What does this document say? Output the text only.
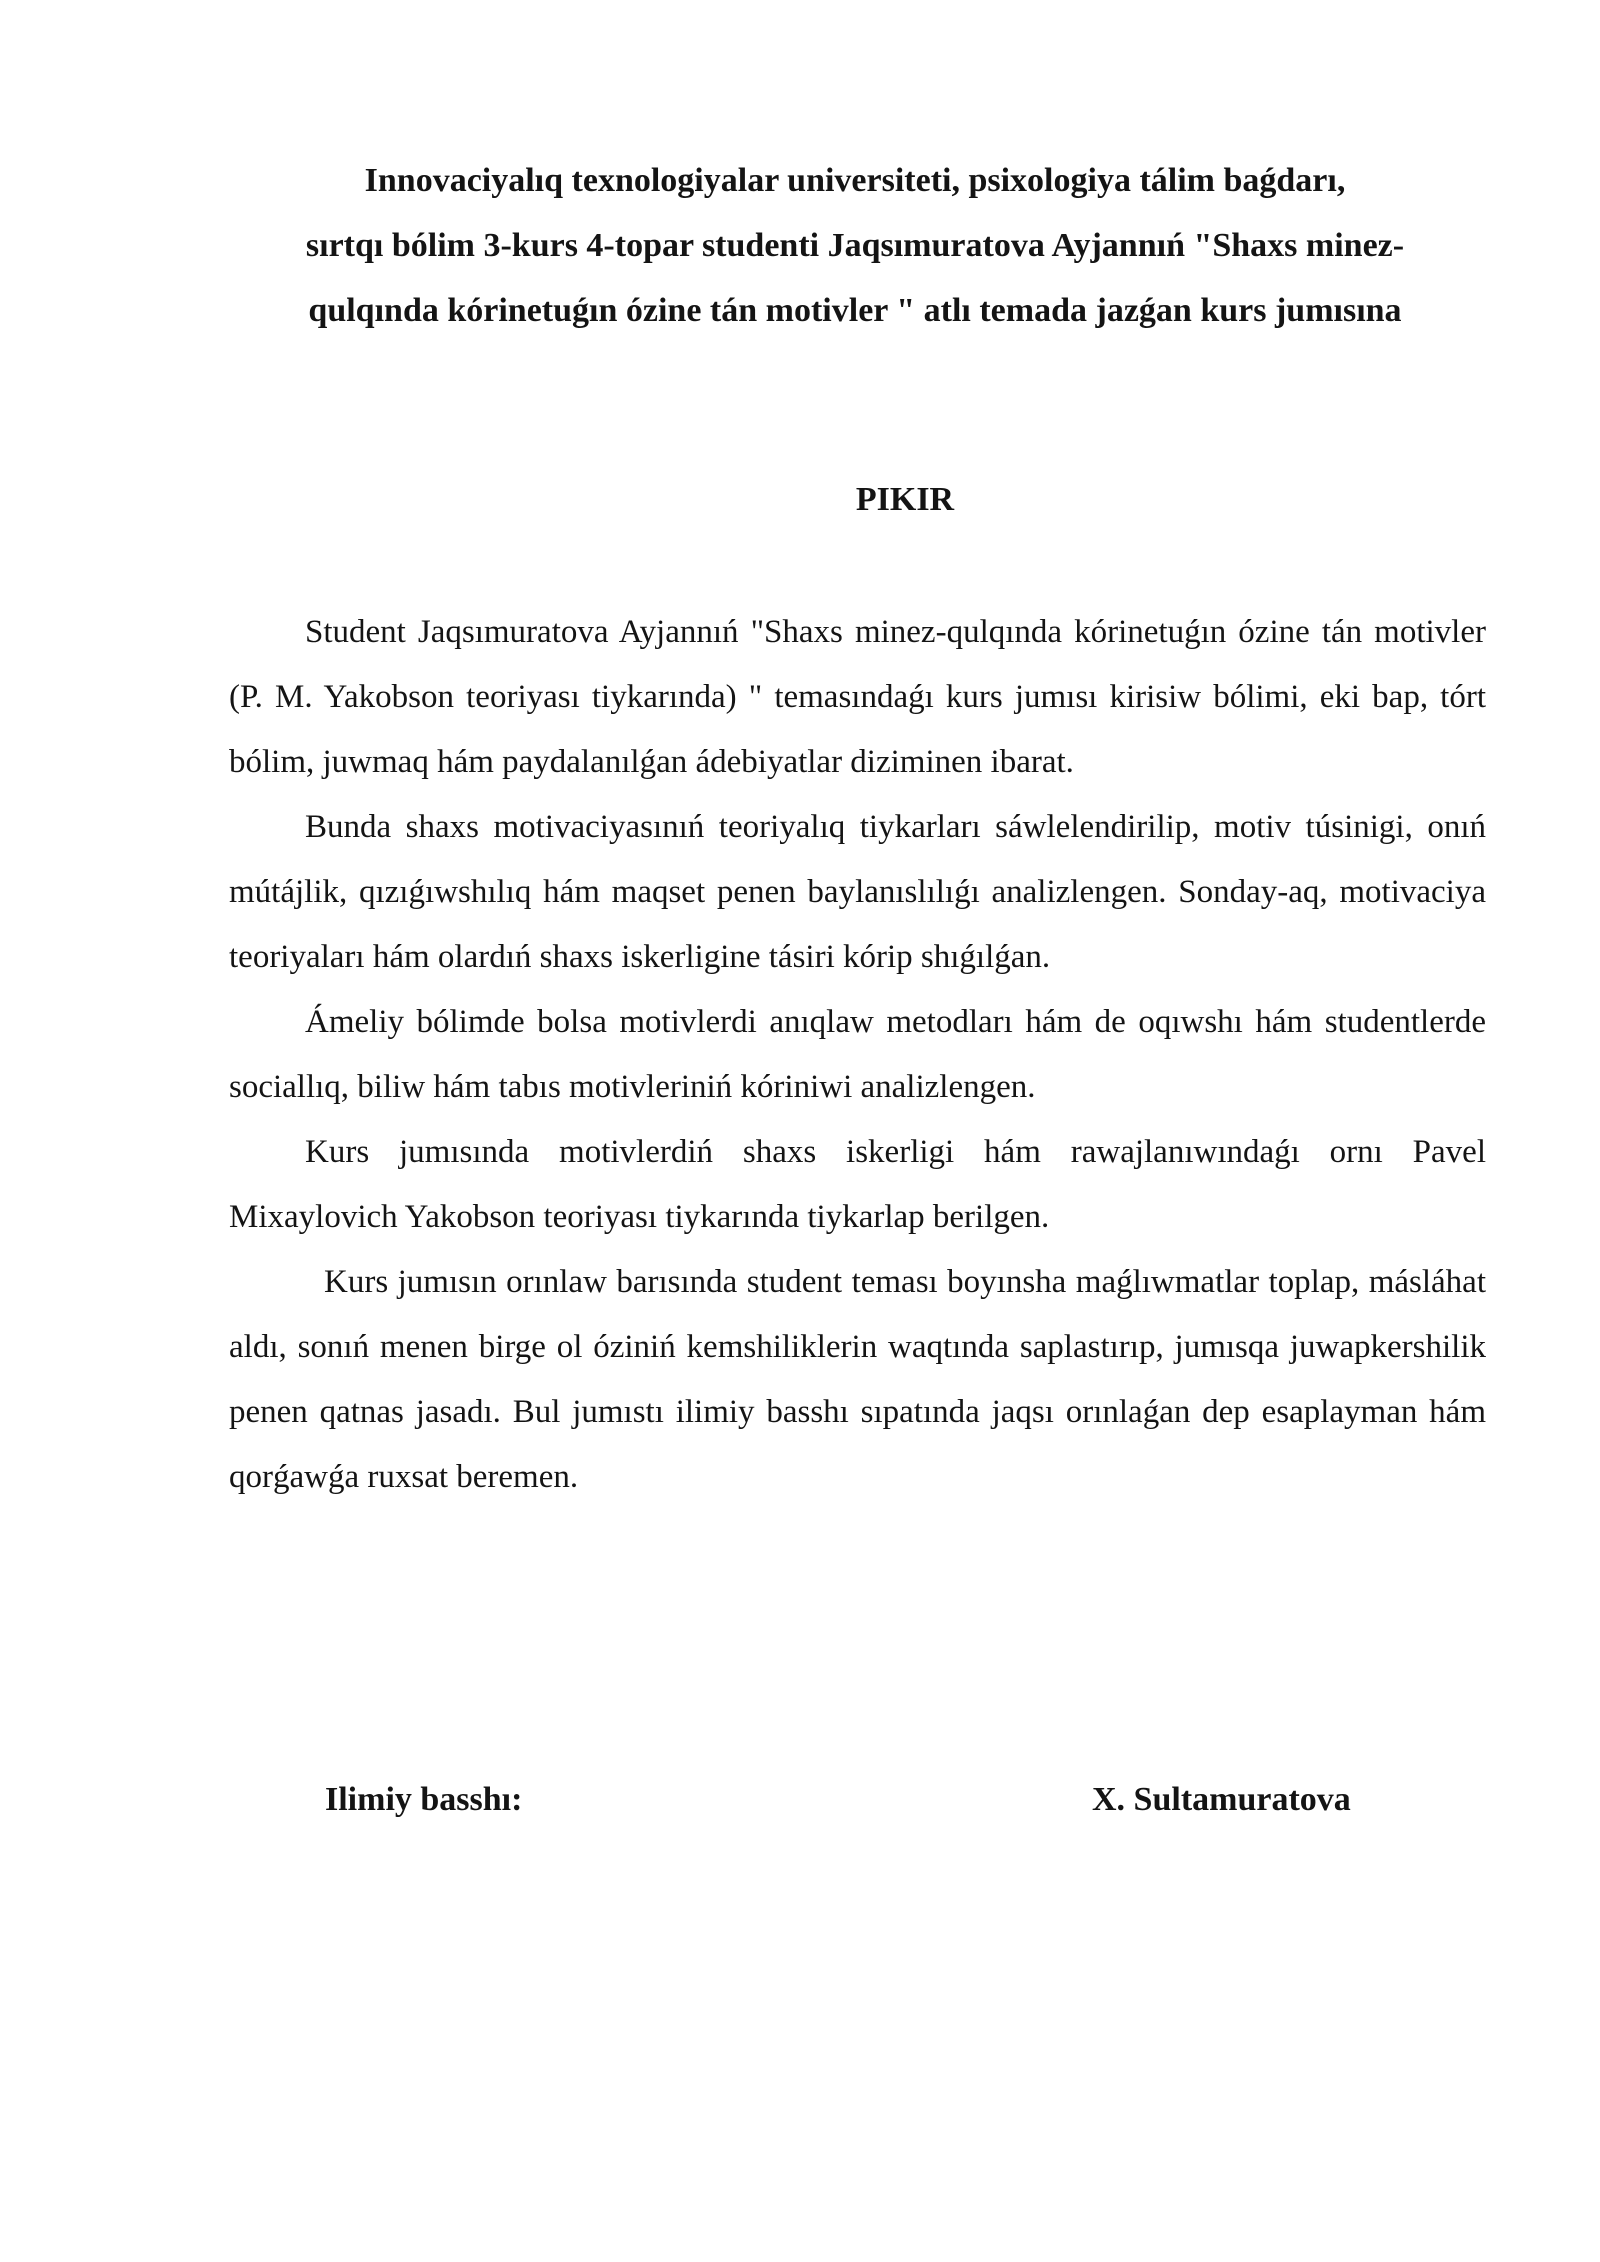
Innovaciyalıq texnologiyalar universiteti, psixologiya tálim baǵdarı,
sırtqı bólim 3-kurs 4-topar studenti Jaqsımuratova Ayjannıń "Shaxs minez-
qulqında kórinetuǵın ózine tán motivler " atlı temada jazǵan kurs jumısına
PIKIR

Student Jaqsımuratova Ayjannıń "Shaxs minez-qulqında kórinetuǵın ózine tán motivler (P. M. Yakobson teoriyası tiykarında) " temasındaǵı kurs jumısı kirisiw bólimi, eki bap, tórt bólim, juwmaq hám paydalanılǵan ádebiyatlar diziminen ibarat.

Bunda shaxs motivaciyasınıń teoriyalıq tiykarları sáwlelendirilip, motiv túsinigi, onıń mútájlik, qızıǵıwshılıq hám maqset penen baylanıslılıǵı analizlengen. Sonday-aq, motivaciya teoriyaları hám olardıń shaxs iskerligine tásiri kórip shıǵılǵan.

Ámeliy bólimde bolsa motivlerdi anıqlaw metodları hám de oqıwshı hám studentlerde sociallıq, biliw hám tabıs motivleriniń kóriniwi analizlengen.

Kurs jumısında motivlerdiń shaxs iskerligi hám rawajlanıwındaǵı ornı Pavel Mixaylovich Yakobson teoriyası tiykarında tiykarlap berilgen.

Kurs jumısın orınlaw barısında student teması boyınsha maǵlıwmatlar toplap, másláhat aldı, sonıń menen birge ol óziniń kemshiliklerin waqtında saplastırıp, jumısqa juwapkershilik penen qatnas jasadı. Bul jumıstı ilimiy basshı sıpatında jaqsı orınlaǵan dep esaplayman hám qorǵawǵa ruxsat beremen.

Ilimiy basshı:	X. Sultamuratova
